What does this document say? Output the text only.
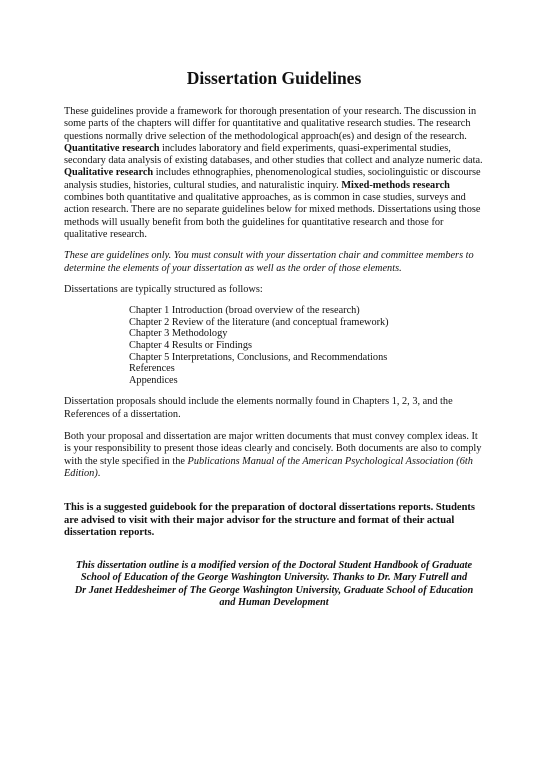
Dissertation Guidelines

These guidelines provide a framework for thorough presentation of your research. The discussion in some parts of the chapters will differ for quantitative and qualitative research studies. The research questions normally drive selection of the methodological approach(es) and design of the research. Quantitative research includes laboratory and field experiments, quasi-experimental studies, secondary data analysis of existing databases, and other studies that collect and analyze numeric data. Qualitative research includes ethnographies, phenomenological studies, sociolinguistic or discourse analysis studies, histories, cultural studies, and naturalistic inquiry. Mixed-methods research combines both quantitative and qualitative approaches, as is common in case studies, surveys and action research. There are no separate guidelines below for mixed methods. Dissertations using those methods will usually benefit from both the guidelines for quantitative research and those for qualitative research.

These are guidelines only. You must consult with your dissertation chair and committee members to determine the elements of your dissertation as well as the order of those elements.

Dissertations are typically structured as follows:

Chapter 1 Introduction (broad overview of the research)
Chapter 2 Review of the literature (and conceptual framework)
Chapter 3 Methodology
Chapter 4 Results or Findings
Chapter 5 Interpretations, Conclusions, and Recommendations
References
Appendices

Dissertation proposals should include the elements normally found in Chapters 1, 2, 3, and the References of a dissertation.

Both your proposal and dissertation are major written documents that must convey complex ideas. It is your responsibility to present those ideas clearly and concisely. Both documents are also to comply with the style specified in the Publications Manual of the American Psychological Association (6th Edition).

This is a suggested guidebook for the preparation of doctoral dissertations reports. Students are advised to visit with their major advisor for the structure and format of their actual dissertation reports.

This dissertation outline is a modified version of the Doctoral Student Handbook of Graduate School of Education of the George Washington University. Thanks to Dr. Mary Futrell and Dr Janet Heddesheimer of The George Washington University, Graduate School of Education and Human Development
